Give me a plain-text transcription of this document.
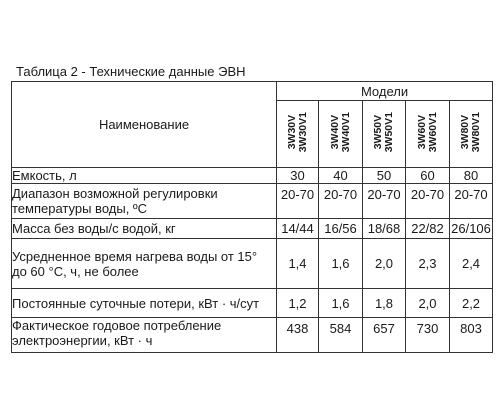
Таблица 2 - Технические данные ЭВН
Наименование	Модели				

	3W30V 3W30V1	3W40V 3W40V1	3W50V 3W50V1	3W60V 3W60V1	3W80V 3W80V1

Емкость, л	30	40	50	60	80

Диапазон возможной регулировки
температуры воды, ºС	20-70	20-70	20-70	20-70	20-70
Масса без воды/с водой, кг	14/44	16/56	18/68	22/82	26/106

Усредненное время нагрева воды от 15°
до 60 °С, ч, не более	1,4	1,6	2,0	2,3	2,4
Постоянные суточные потери, кВт · ч/сут	1,2	1,6	1,8	2,0	2,2

Фактическое годовое потребление
электроэнергии, кВт · ч	438	584	657	730	803
